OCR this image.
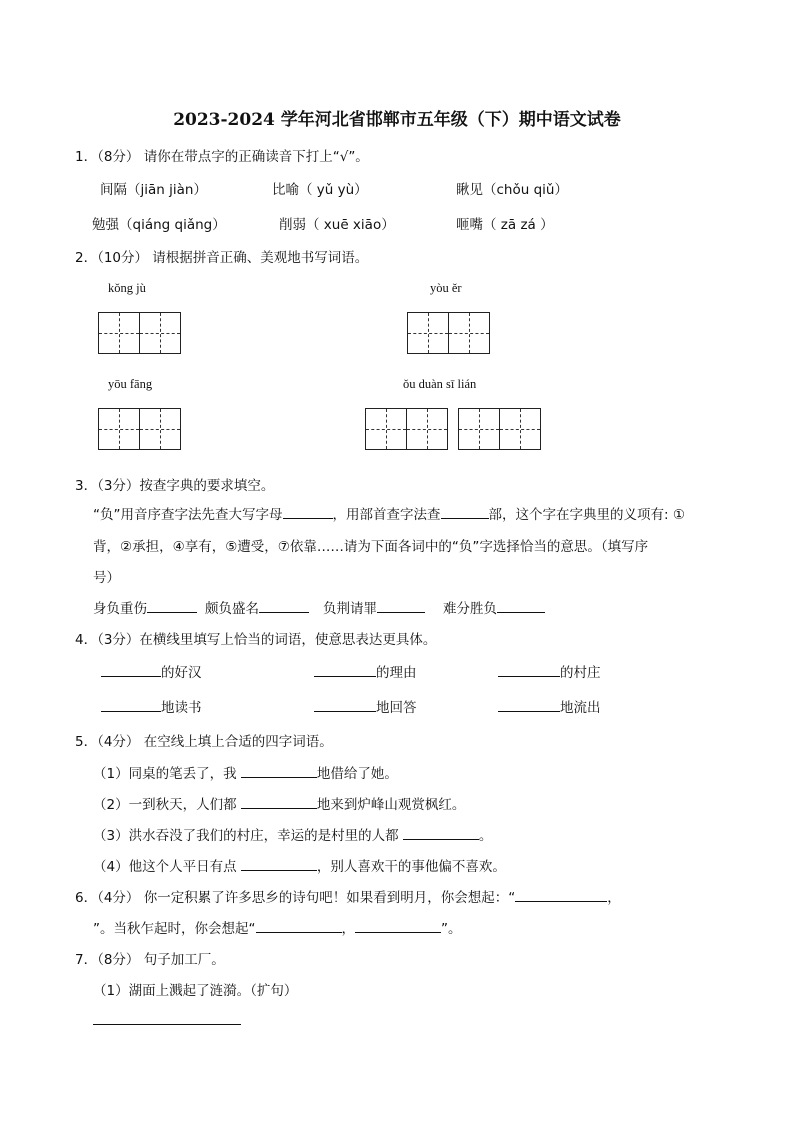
2023-2024 学年河北省邯郸市五年级（下）期中语文试卷
1．（8分） 请你在带点字的正确读音下打上“√”。
间隔（jiān jiàn）	比喻（ yǔ yù）	瞅见（chǒu qiǔ）
勉强（qiáng qiǎng）	削弱（ xuē xiāo）	咂嘴（ zā zá ）
2．（10分） 请根据拼音正确、美观地书写词语。
kǒng jù	yòu ěr
yōu fāng	ǒu duàn sī lián
3．（3分）按查字典的要求填空。
“负”用音序查字法先查大写字母	，用部首查字法查	部，这个字在字典里的义项有: ①
背，②承担，④享有，⑤遭受，⑦依靠……请为下面各词中的“负”字选择恰当的意思。（填写序
号）
身负重伤	颇负盛名	负荆请罪	难分胜负
4．（3分）在横线里填写上恰当的词语，使意思表达更具体。
的好汉	的理由	的村庄
地读书	地回答	地流出
5．（4分） 在空线上填上合适的四字词语。
（1）同桌的笔丢了，我	地借给了她。
（2）一到秋天，人们都	地来到炉峰山观赏枫红。
（3）洪水吞没了我们的村庄，幸运的是村里的人都	。
（4）他这个人平日有点	，别人喜欢干的事他偏不喜欢。
6．（4分） 你一定积累了许多思乡的诗句吧！如果看到明月，你会想起：“	，
”。当秋乍起时，你会想起“	，	”。
7．（8分） 句子加工厂。
（1）湖面上溅起了涟漪。（扩句）
